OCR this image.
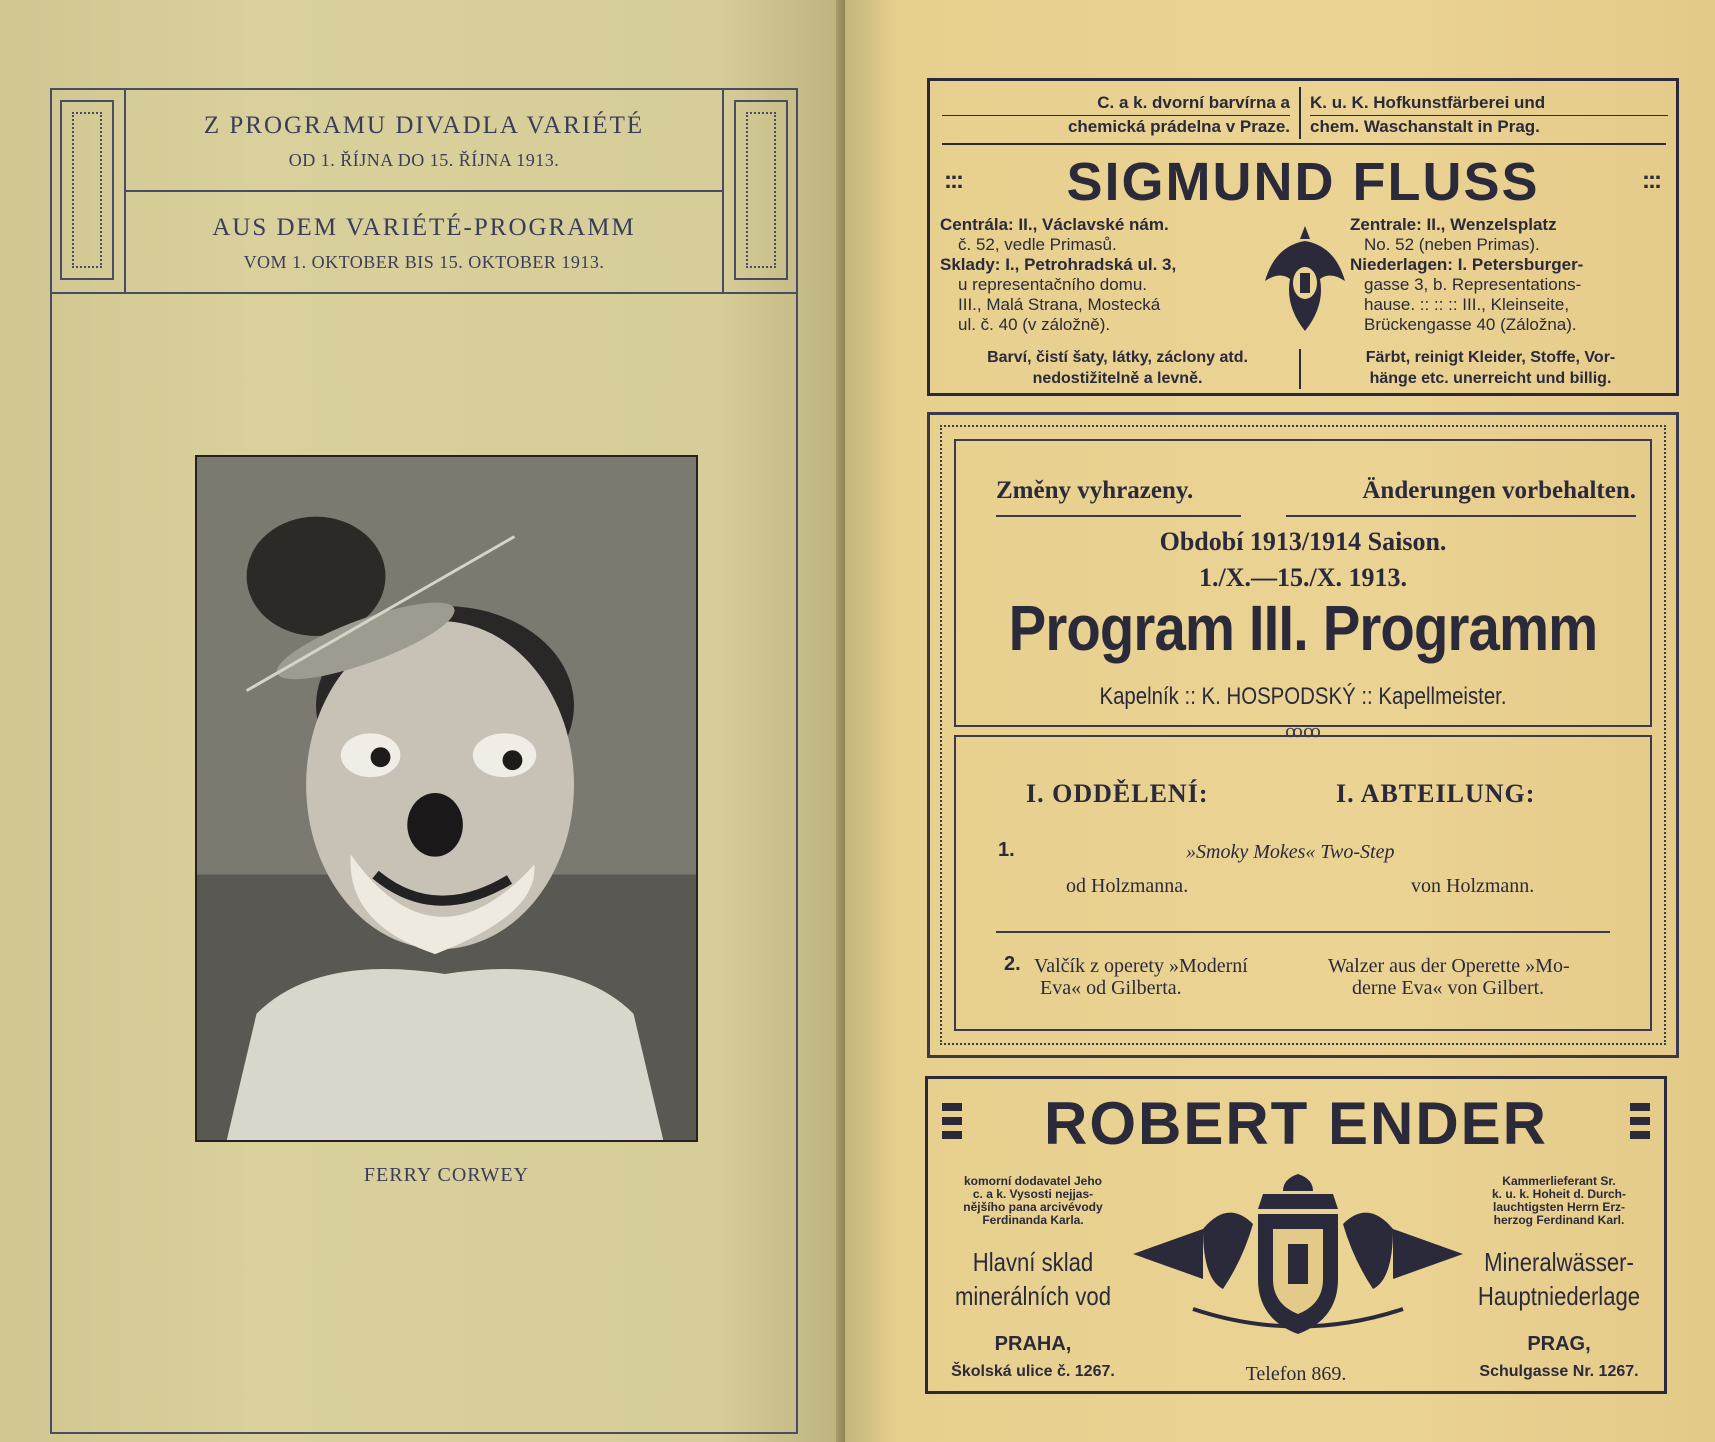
Z PROGRAMU DIVADLA VARIÉTÉ
OD 1. ŘÍJNA DO 15. ŘÍJNA 1913.
AUS DEM VARIÉTÉ-PROGRAMM
VOM 1. OKTOBER BIS 15. OKTOBER 1913.
FERRY CORWEY
C. a k. dvorní barvírna a
chemická prádelna v Praze.
K. u. K. Hofkunstfärberei und
chem. Waschanstalt in Prag.
:::	SIGMUND FLUSS	:::
Centrála: II., Václavské nám.
č. 52, vedle Primasů.
Sklady: I., Petrohradská ul. 3,
u representačního domu.
III., Malá Strana, Mostecká
ul. č. 40 (v záložně).
Zentrale: II., Wenzelsplatz
No. 52 (neben Primas).
Niederlagen: I. Petersburger-
gasse 3, b. Representations-
hause. :: :: :: III., Kleinseite,
Brückengasse 40 (Záložna).
Barví, čistí šaty, látky, záclony atd.
nedostižitelně a levně.
Färbt, reinigt Kleider, Stoffe, Vor-
hänge etc. unerreicht und billig.
Změny vyhrazeny.	Änderungen vorbehalten.
Období 1913/1914 Saison.
1./X.—15./X. 1913.
Program III. Programm
Kapelník :: K. HOSPODSKÝ :: Kapellmeister.
ꝏꝏ
I. ODDĚLENÍ:	I. ABTEILUNG:
1.	»Smoky Mokes« Two-Step
od Holzmanna.	von Holzmann.
2. Valčík z operety »Moderní
Eva« od Gilberta.
Walzer aus der Operette »Mo-
derne Eva« von Gilbert.
ROBERT ENDER
komorní dodavatel Jeho
c. a k. Vysosti nejjas-
nějšího pana arcivévody
Ferdinanda Karla.
Kammerlieferant Sr.
k. u. k. Hoheit d. Durch-
lauchtigsten Herrn Erz-
herzog Ferdinand Karl.
Hlavní sklad
minerálních vod
Mineralwässer-
Hauptniederlage
PRAHA,	PRAG,
Školská ulice č. 1267.	Telefon 869.	Schulgasse Nr. 1267.
